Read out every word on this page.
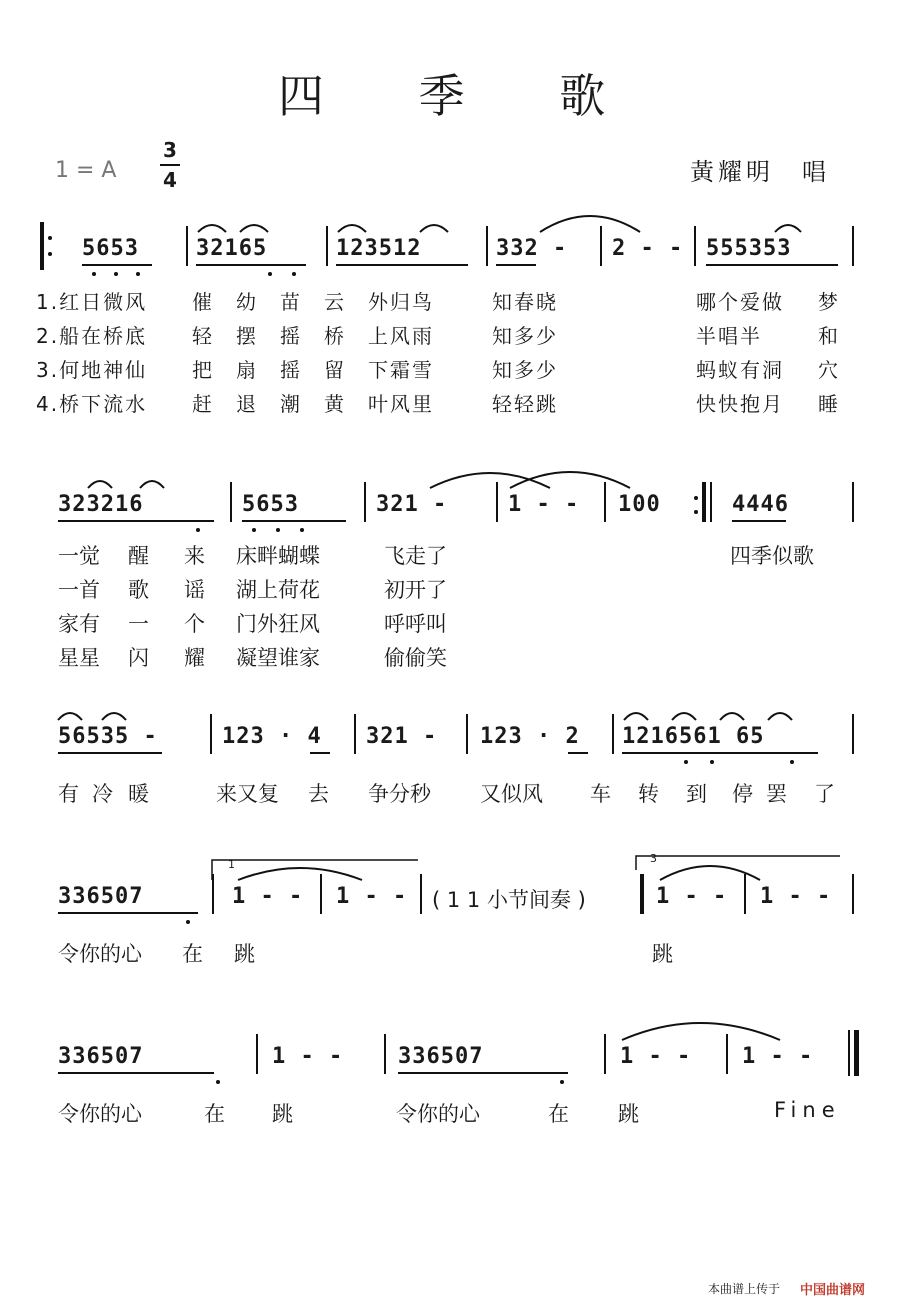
四 季 歌
1 = A
3
4	黃耀明　唱
1	3
5653	32165	123512	332 - 2 - - 555353
1.红日微风 催 幼 苗 云 外归鸟	知春晓	哪个爱做 梦
2.船在桥底 轻 摆 摇 桥 上风雨	知多少	半唱半	和
3.何地神仙 把 扇 摇 留 下霜雪	知多少	蚂蚁有洞 穴
4.桥下流水 赶 退 潮 黄 叶风里	轻轻跳	快快抱月 睡
323216	5653	321 -	1 - - 100	4446
一觉 醒 来 床畔蝴蝶	飞走了	四季似歌
一首 歌 谣 湖上荷花	初开了
家有 一 个 门外狂风	呼呼叫
星星 闪 耀 凝望谁家	偷偷笑
56535 -	123 · 4 321 - 123 · 2 1216561 65
有 冷 暖	来又复 去 争分秒 又似风 车 转 到 停 罢 了
336507	1 - - 1 - - ( 1 1 小节间奏 )	1 - - 1 - -
令你的心 在 跳	跳
336507	1 - - 336507	1 - - 1 - -
令你的心	在 跳	令你的心	在 跳	Fine
本曲谱上传于 中国曲谱网
